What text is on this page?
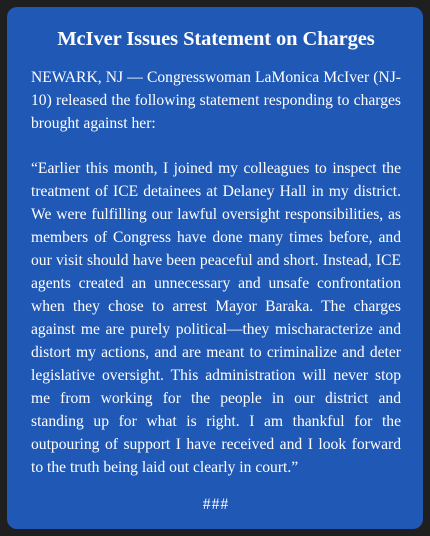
McIver Issues Statement on Charges

NEWARK, NJ — Congresswoman LaMonica McIver (NJ-10) released the following statement responding to charges brought against her:

“Earlier this month, I joined my colleagues to inspect the treatment of ICE detainees at Delaney Hall in my district. We were fulfilling our lawful oversight responsibilities, as members of Congress have done many times before, and our visit should have been peaceful and short. Instead, ICE agents created an unnecessary and unsafe confrontation when they chose to arrest Mayor Baraka. The charges against me are purely political—they mischaracterize and distort my actions, and are meant to criminalize and deter legislative oversight. This administration will never stop me from working for the people in our district and standing up for what is right. I am thankful for the outpouring of support I have received and I look forward to the truth being laid out clearly in court.”

###
